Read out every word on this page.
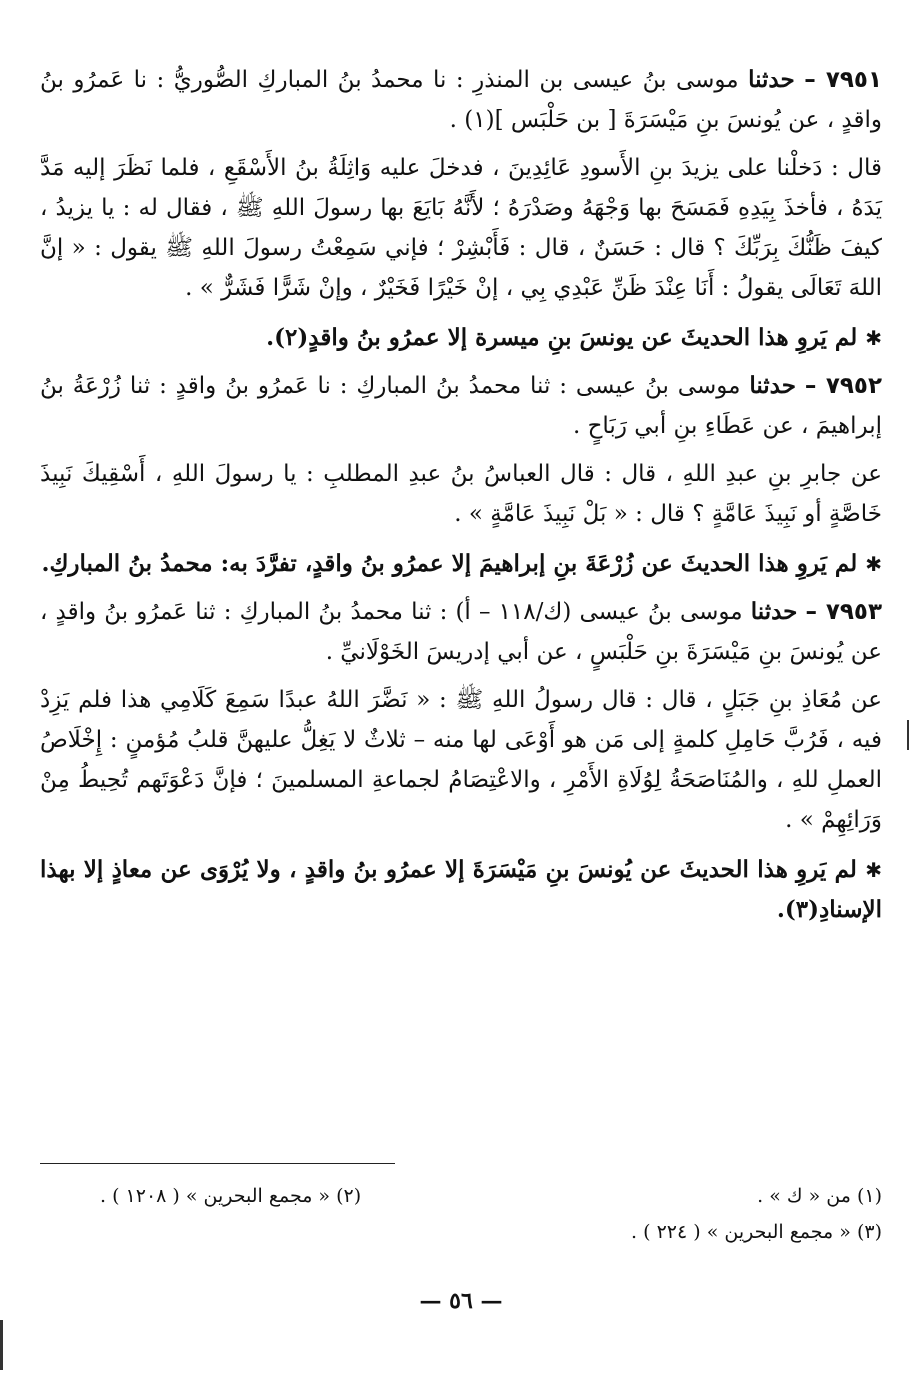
٧٩٥١ – حدثنا موسى بنُ عيسى بن المنذرِ : نا محمدُ بنُ المباركِ الصُّوريُّ : نا عَمرُو بنُ واقدٍ ، عن يُونسَ بنِ مَيْسَرَةَ [ بن حَلْبَس ](١) .

قال : دَخلْنا على يزيدَ بنِ الأَسودِ عَائِدِينَ ، فدخلَ عليه وَاثِلَةُ بنُ الأَسْقَعِ ، فلما نَظَرَ إليه مَدَّ يَدَهُ ، فأخذَ بِيَدِهِ فَمَسَحَ بها وَجْهَهُ وصَدْرَهُ ؛ لأَنَّهُ بَايَعَ بها رسولَ اللهِ ﷺ ، فقال له : يا يزيدُ ، كيفَ ظَنُّكَ بِرَبِّكَ ؟ قال : حَسَنٌ ، قال : فَأَبْشِرْ ؛ فإني سَمِعْتُ رسولَ اللهِ ﷺ يقول : « إنَّ اللهَ تَعَالَى يقولُ : أَنَا عِنْدَ ظَنِّ عَبْدِي بِي ، إنْ خَيْرًا فَخَيْرٌ ، وإنْ شَرًّا فَشَرٌّ » .

✱ لم يَروِ هذا الحديثَ عن يونسَ بنِ ميسرة إلا عمرُو بنُ واقدٍ(٢).

٧٩٥٢ – حدثنا موسى بنُ عيسى : ثنا محمدُ بنُ المباركِ : نا عَمرُو بنُ واقدٍ : ثنا زُرْعَةُ بنُ إبراهيمَ ، عن عَطَاءِ بنِ أبي رَبَاحٍ .

عن جابرِ بنِ عبدِ اللهِ ، قال : قال العباسُ بنُ عبدِ المطلبِ : يا رسولَ اللهِ ، أَسْقِيكَ نَبِيذَ خَاصَّةٍ أو نَبِيذَ عَامَّةٍ ؟ قال : « بَلْ نَبِيذَ عَامَّةٍ » .

✱ لم يَروِ هذا الحديثَ عن زُرْعَةَ بنِ إبراهيمَ إلا عمرُو بنُ واقدٍ، تفرَّدَ به: محمدُ بنُ المباركِ.

٧٩٥٣ – حدثنا موسى بنُ عيسى (ك/١١٨ – أ) : ثنا محمدُ بنُ المباركِ : ثنا عَمرُو بنُ واقدٍ ، عن يُونسَ بنِ مَيْسَرَةَ بنِ حَلْبَسٍ ، عن أبي إدريسَ الخَوْلَانيِّ .

عن مُعَاذِ بنِ جَبَلٍ ، قال : قال رسولُ اللهِ ﷺ : « نَضَّرَ اللهُ عبدًا سَمِعَ كَلَامِي هذا فلم يَزِدْ فيه ، فَرُبَّ حَامِلِ كلمةٍ إلى مَن هو أَوْعَى لها منه – ثلاثٌ لا يَغِلُّ عليهنَّ قلبُ مُؤمنٍ : إِخْلَاصُ العملِ للهِ ، والمُنَاصَحَةُ لِوُلَاةِ الأَمْرِ ، والاعْتِصَامُ لجماعةِ المسلمينَ ؛ فإنَّ دَعْوَتَهم تُحِيطُ مِنْ وَرَائِهِمْ » .

✱ لم يَروِ هذا الحديثَ عن يُونسَ بنِ مَيْسَرَةَ إلا عمرُو بنُ واقدٍ ، ولا يُرْوَى عن معاذٍ إلا بهذا الإسنادِ(٣).

(١) من « ك » .
(٢) « مجمع البحرين » ( ١٢٠٨ ) .
(٣) « مجمع البحرين » ( ٢٢٤ ) .
— ٥٦ —
